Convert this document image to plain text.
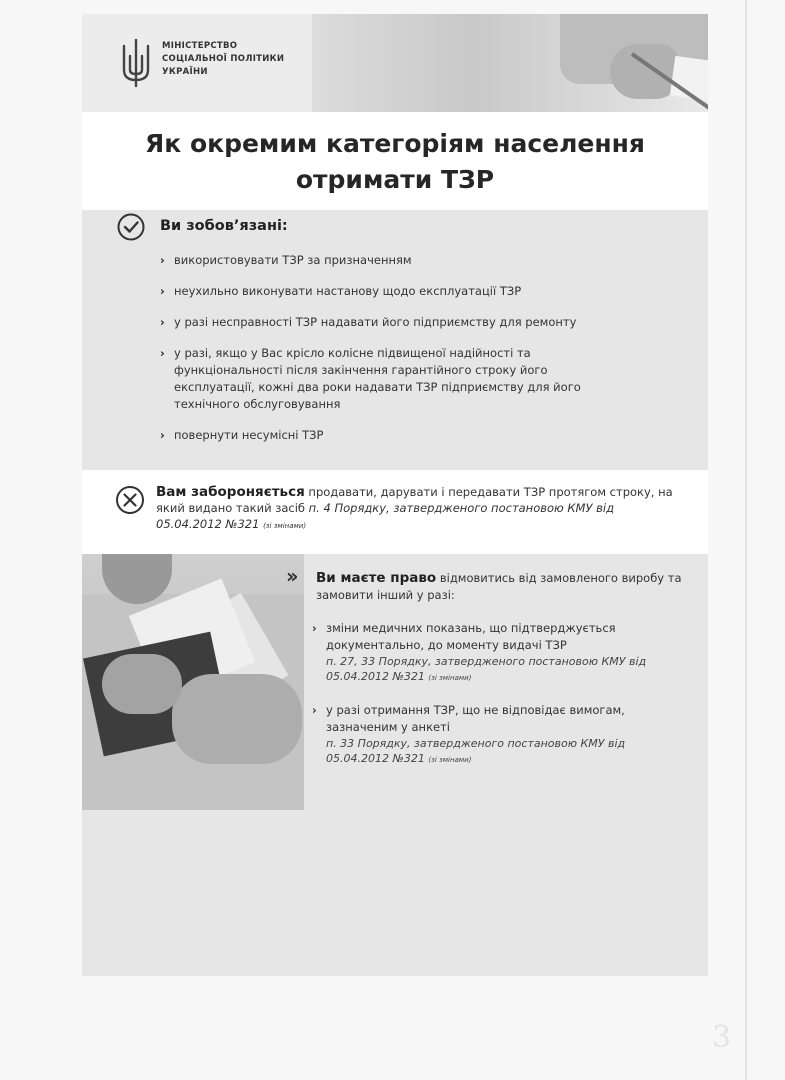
МІНІСТЕРСТВО
СОЦІАЛЬНОЇ ПОЛІТИКИ
УКРАЇНИ
Як окремим категоріям населення
отримати ТЗР
Ви зобов’язані:
› використовувати ТЗР за призначенням
› неухильно виконувати настанову щодо експлуатації ТЗР
› у разі несправності ТЗР надавати його підприємству для ремонту
› у разі, якщо у Вас крісло колісне підвищеної надійності та функціональності після закінчення гарантійного строку його експлуатації, кожні два роки надавати ТЗР підприємству для його технічного обслуговування
› повернути несумісні ТЗР
Вам забороняється продавати, дарувати і передавати ТЗР протягом строку, на який видано такий засіб п. 4 Порядку, затвердженого постановою КМУ від 05.04.2012 №321 (зі змінами)
››	Ви маєте право відмовитись від замовленого виробу та замовити інший у разі:
› зміни медичних показань, що підтверджується документально, до моменту видачі ТЗР
п. 27, 33 Порядку, затвердженого постановою КМУ від 05.04.2012 №321 (зі змінами)
› у разі отримання ТЗР, що не відповідає вимогам, зазначеним у анкеті
п. 33 Порядку, затвердженого постановою КМУ від 05.04.2012 №321 (зі змінами)
3
